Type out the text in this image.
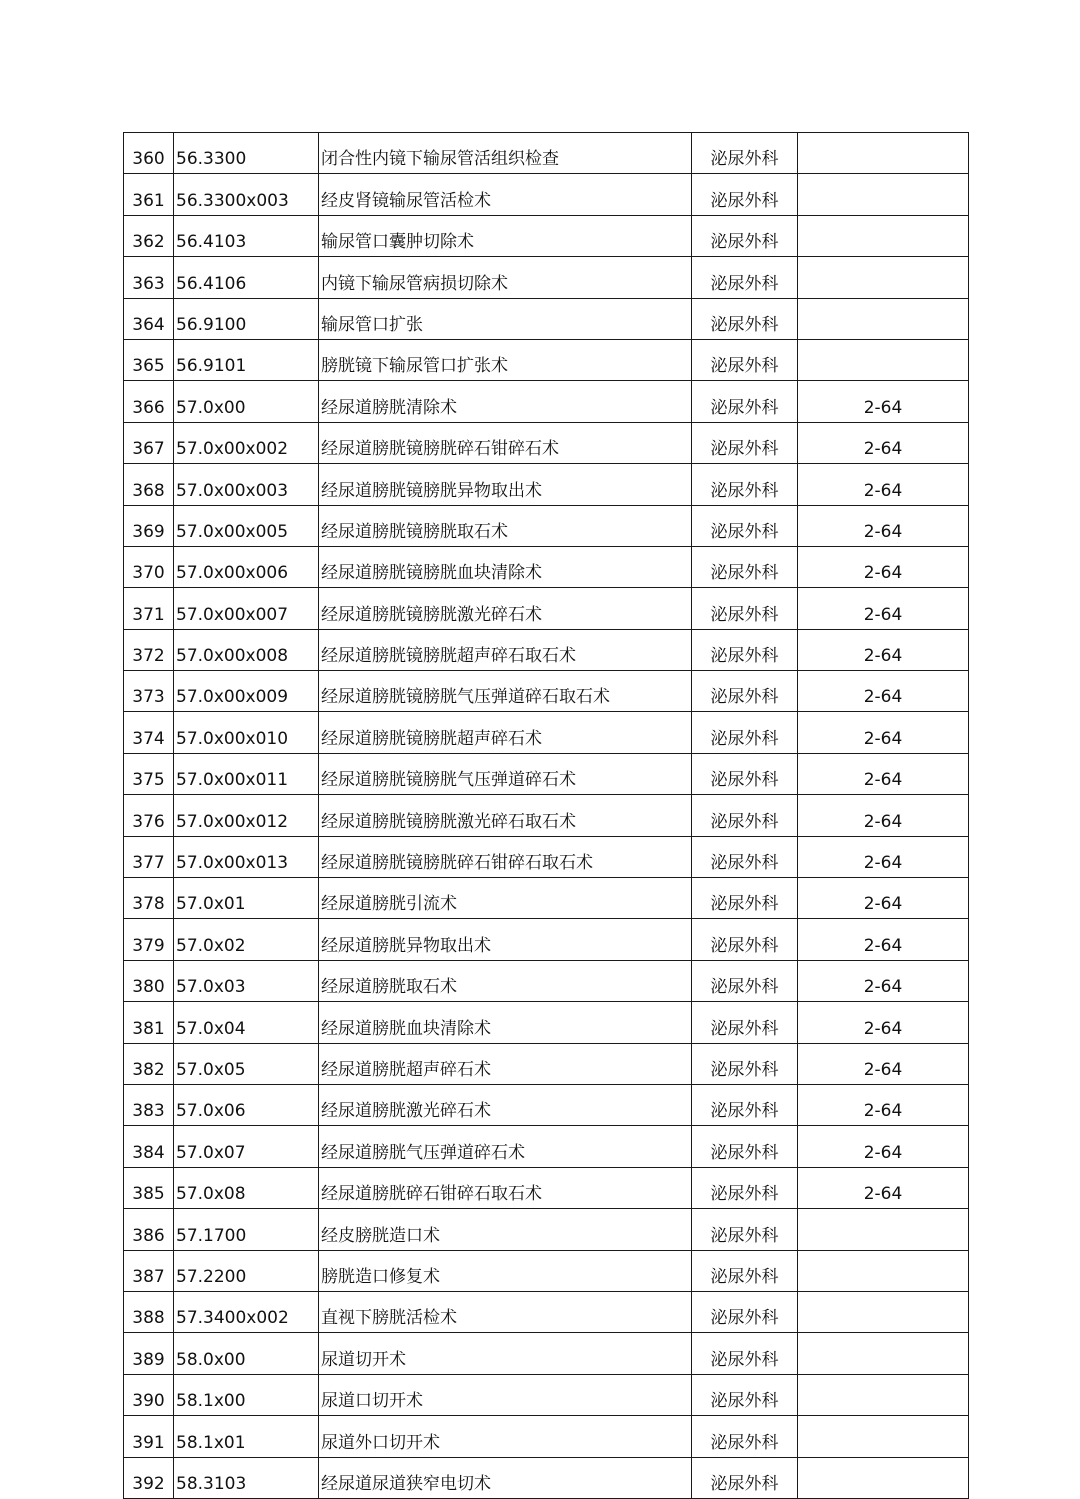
360	56.3300	闭合性内镜下输尿管活组织检查	泌尿外科	
361	56.3300x003	经皮肾镜输尿管活检术	泌尿外科	
362	56.4103	输尿管口囊肿切除术	泌尿外科	
363	56.4106	内镜下输尿管病损切除术	泌尿外科	
364	56.9100	输尿管口扩张	泌尿外科	
365	56.9101	膀胱镜下输尿管口扩张术	泌尿外科	
366	57.0x00	经尿道膀胱清除术	泌尿外科	2-64
367	57.0x00x002	经尿道膀胱镜膀胱碎石钳碎石术	泌尿外科	2-64
368	57.0x00x003	经尿道膀胱镜膀胱异物取出术	泌尿外科	2-64
369	57.0x00x005	经尿道膀胱镜膀胱取石术	泌尿外科	2-64
370	57.0x00x006	经尿道膀胱镜膀胱血块清除术	泌尿外科	2-64
371	57.0x00x007	经尿道膀胱镜膀胱激光碎石术	泌尿外科	2-64
372	57.0x00x008	经尿道膀胱镜膀胱超声碎石取石术	泌尿外科	2-64
373	57.0x00x009	经尿道膀胱镜膀胱气压弹道碎石取石术	泌尿外科	2-64
374	57.0x00x010	经尿道膀胱镜膀胱超声碎石术	泌尿外科	2-64
375	57.0x00x011	经尿道膀胱镜膀胱气压弹道碎石术	泌尿外科	2-64
376	57.0x00x012	经尿道膀胱镜膀胱激光碎石取石术	泌尿外科	2-64
377	57.0x00x013	经尿道膀胱镜膀胱碎石钳碎石取石术	泌尿外科	2-64
378	57.0x01	经尿道膀胱引流术	泌尿外科	2-64
379	57.0x02	经尿道膀胱异物取出术	泌尿外科	2-64
380	57.0x03	经尿道膀胱取石术	泌尿外科	2-64
381	57.0x04	经尿道膀胱血块清除术	泌尿外科	2-64
382	57.0x05	经尿道膀胱超声碎石术	泌尿外科	2-64
383	57.0x06	经尿道膀胱激光碎石术	泌尿外科	2-64
384	57.0x07	经尿道膀胱气压弹道碎石术	泌尿外科	2-64
385	57.0x08	经尿道膀胱碎石钳碎石取石术	泌尿外科	2-64
386	57.1700	经皮膀胱造口术	泌尿外科	
387	57.2200	膀胱造口修复术	泌尿外科	
388	57.3400x002	直视下膀胱活检术	泌尿外科	
389	58.0x00	尿道切开术	泌尿外科	
390	58.1x00	尿道口切开术	泌尿外科	
391	58.1x01	尿道外口切开术	泌尿外科	
392	58.3103	经尿道尿道狭窄电切术	泌尿外科	
